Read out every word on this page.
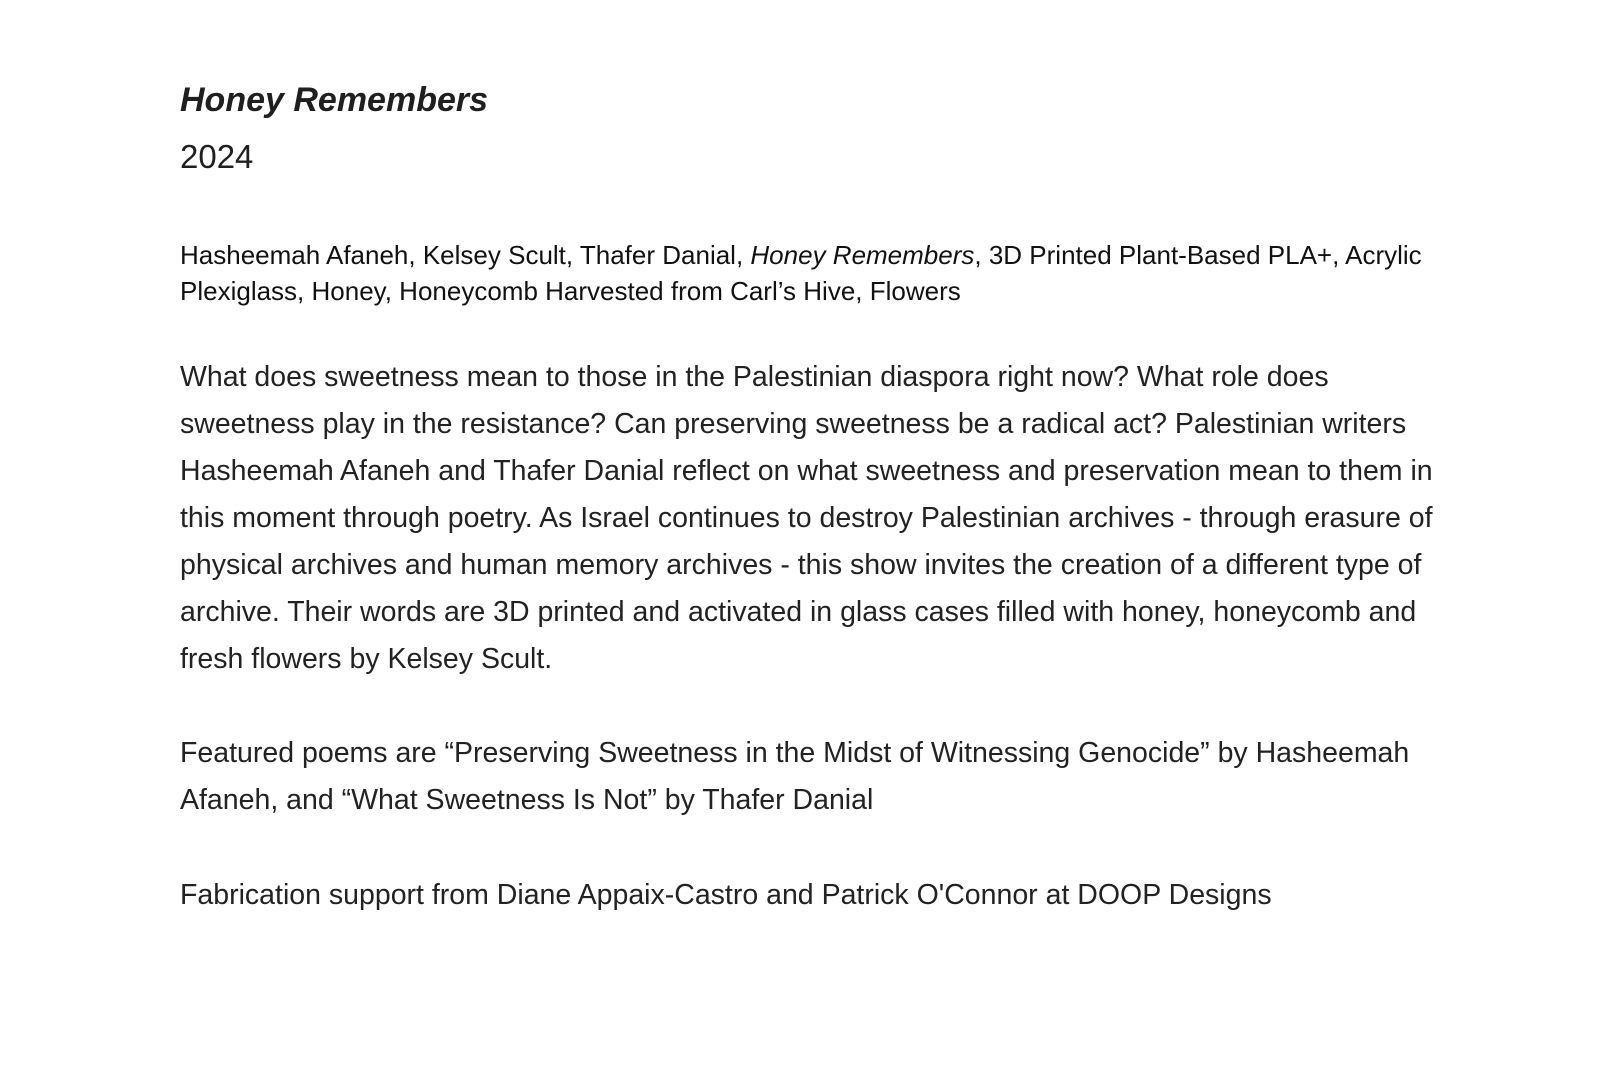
Honey Remembers
2024

Hasheemah Afaneh, Kelsey Scult, Thafer Danial, Honey Remembers, 3D Printed Plant-Based PLA+, Acrylic Plexiglass, Honey, Honeycomb Harvested from Carl’s Hive, Flowers

What does sweetness mean to those in the Palestinian diaspora right now? What role does sweetness play in the resistance? Can preserving sweetness be a radical act? Palestinian writers Hasheemah Afaneh and Thafer Danial reflect on what sweetness and preservation mean to them in this moment through poetry. As Israel continues to destroy Palestinian archives - through erasure of physical archives and human memory archives - this show invites the creation of a different type of archive. Their words are 3D printed and activated in glass cases filled with honey, honeycomb and fresh flowers by Kelsey Scult.

Featured poems are “Preserving Sweetness in the Midst of Witnessing Genocide” by Hasheemah Afaneh, and “What Sweetness Is Not” by Thafer Danial

Fabrication support from Diane Appaix-Castro and Patrick O'Connor at DOOP Designs
